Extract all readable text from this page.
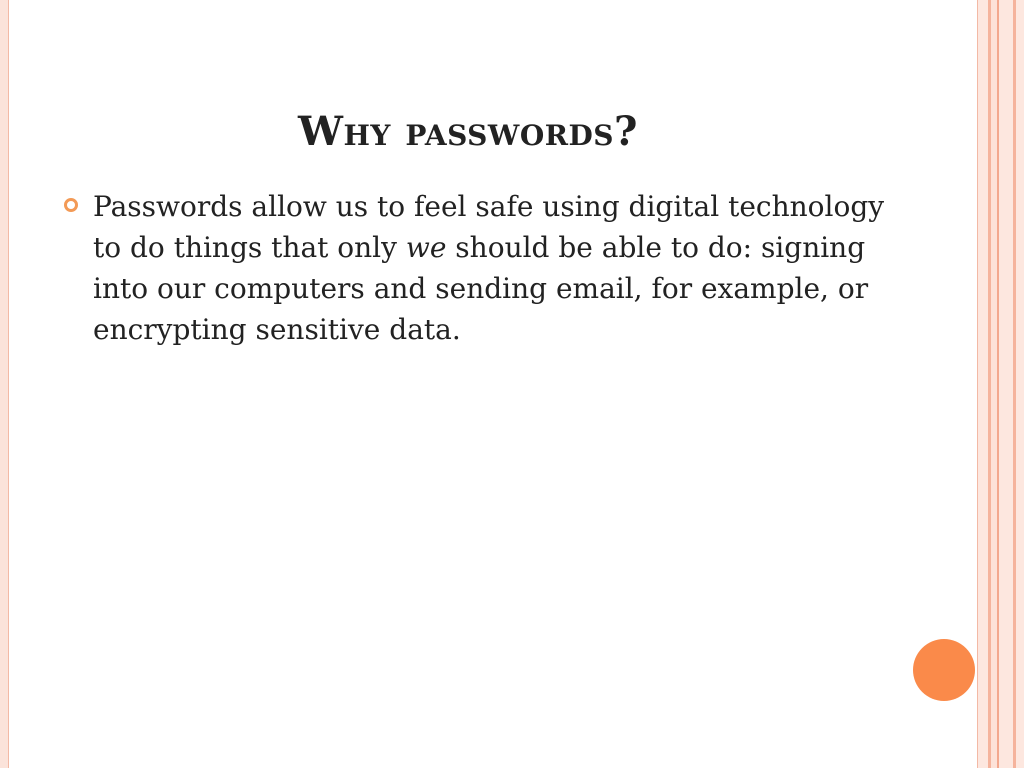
Why passwords?

Passwords allow us to feel safe using digital technology to do things that only we should be able to do: signing into our computers and sending email, for example, or encrypting sensitive data.
